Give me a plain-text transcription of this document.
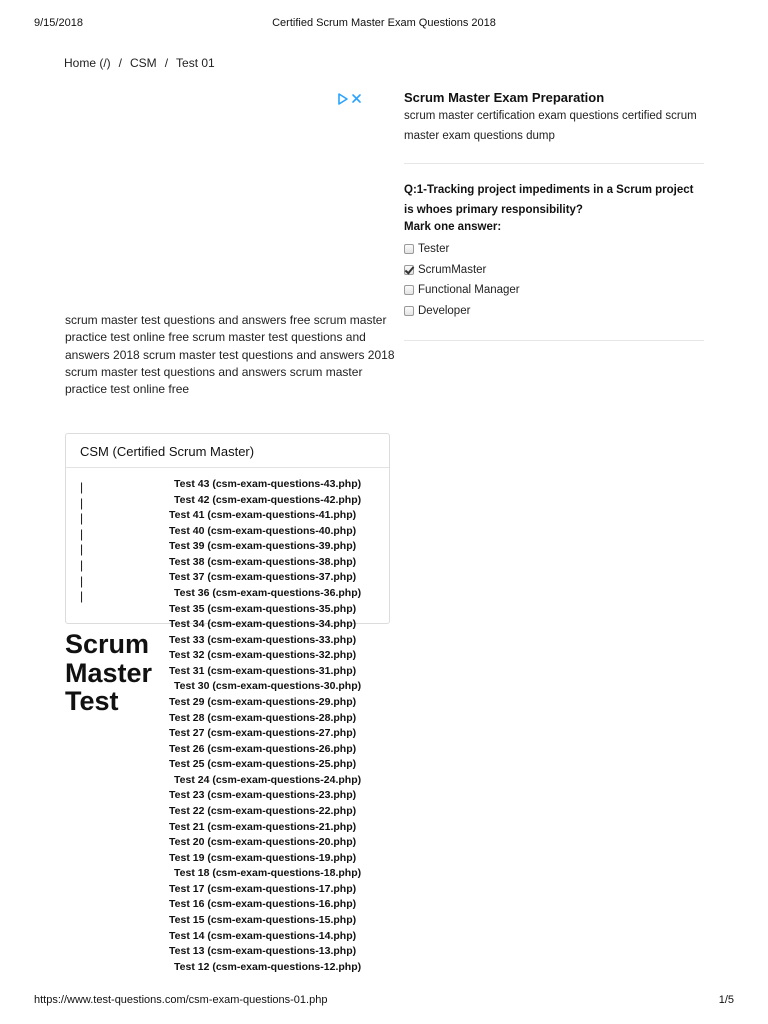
9/15/2018	Certified Scrum Master Exam Questions 2018
Home (/) / CSM / Test 01
scrum master test questions and answers free scrum master practice test online free scrum master test questions and answers 2018 scrum master test questions and answers 2018 scrum master test questions and answers scrum master practice test online free
CSM (Certified Scrum Master)
|
|
|
|
|
|
|
|
Scrum
Master
Test
Test 43 (csm-exam-questions-43.php)
Test 42 (csm-exam-questions-42.php)
Test 41 (csm-exam-questions-41.php)
Test 40 (csm-exam-questions-40.php)
Test 39 (csm-exam-questions-39.php)
Test 38 (csm-exam-questions-38.php)
Test 37 (csm-exam-questions-37.php)
Test 36 (csm-exam-questions-36.php)
Test 35 (csm-exam-questions-35.php)
Test 34 (csm-exam-questions-34.php)
Test 33 (csm-exam-questions-33.php)
Test 32 (csm-exam-questions-32.php)
Test 31 (csm-exam-questions-31.php)
Test 30 (csm-exam-questions-30.php)
Test 29 (csm-exam-questions-29.php)
Test 28 (csm-exam-questions-28.php)
Test 27 (csm-exam-questions-27.php)
Test 26 (csm-exam-questions-26.php)
Test 25 (csm-exam-questions-25.php)
Test 24 (csm-exam-questions-24.php)
Test 23 (csm-exam-questions-23.php)
Test 22 (csm-exam-questions-22.php)
Test 21 (csm-exam-questions-21.php)
Test 20 (csm-exam-questions-20.php)
Test 19 (csm-exam-questions-19.php)
Test 18 (csm-exam-questions-18.php)
Test 17 (csm-exam-questions-17.php)
Test 16 (csm-exam-questions-16.php)
Test 15 (csm-exam-questions-15.php)
Test 14 (csm-exam-questions-14.php)
Test 13 (csm-exam-questions-13.php)
Test 12 (csm-exam-questions-12.php)
Scrum Master Exam Preparation
scrum master certification exam questions certified scrum master exam questions dump
Q:1-Tracking project impediments in a Scrum project is whoes primary responsibility?
Mark one answer:
Tester
ScrumMaster
Functional Manager
Developer
https://www.test-questions.com/csm-exam-questions-01.php	1/5
